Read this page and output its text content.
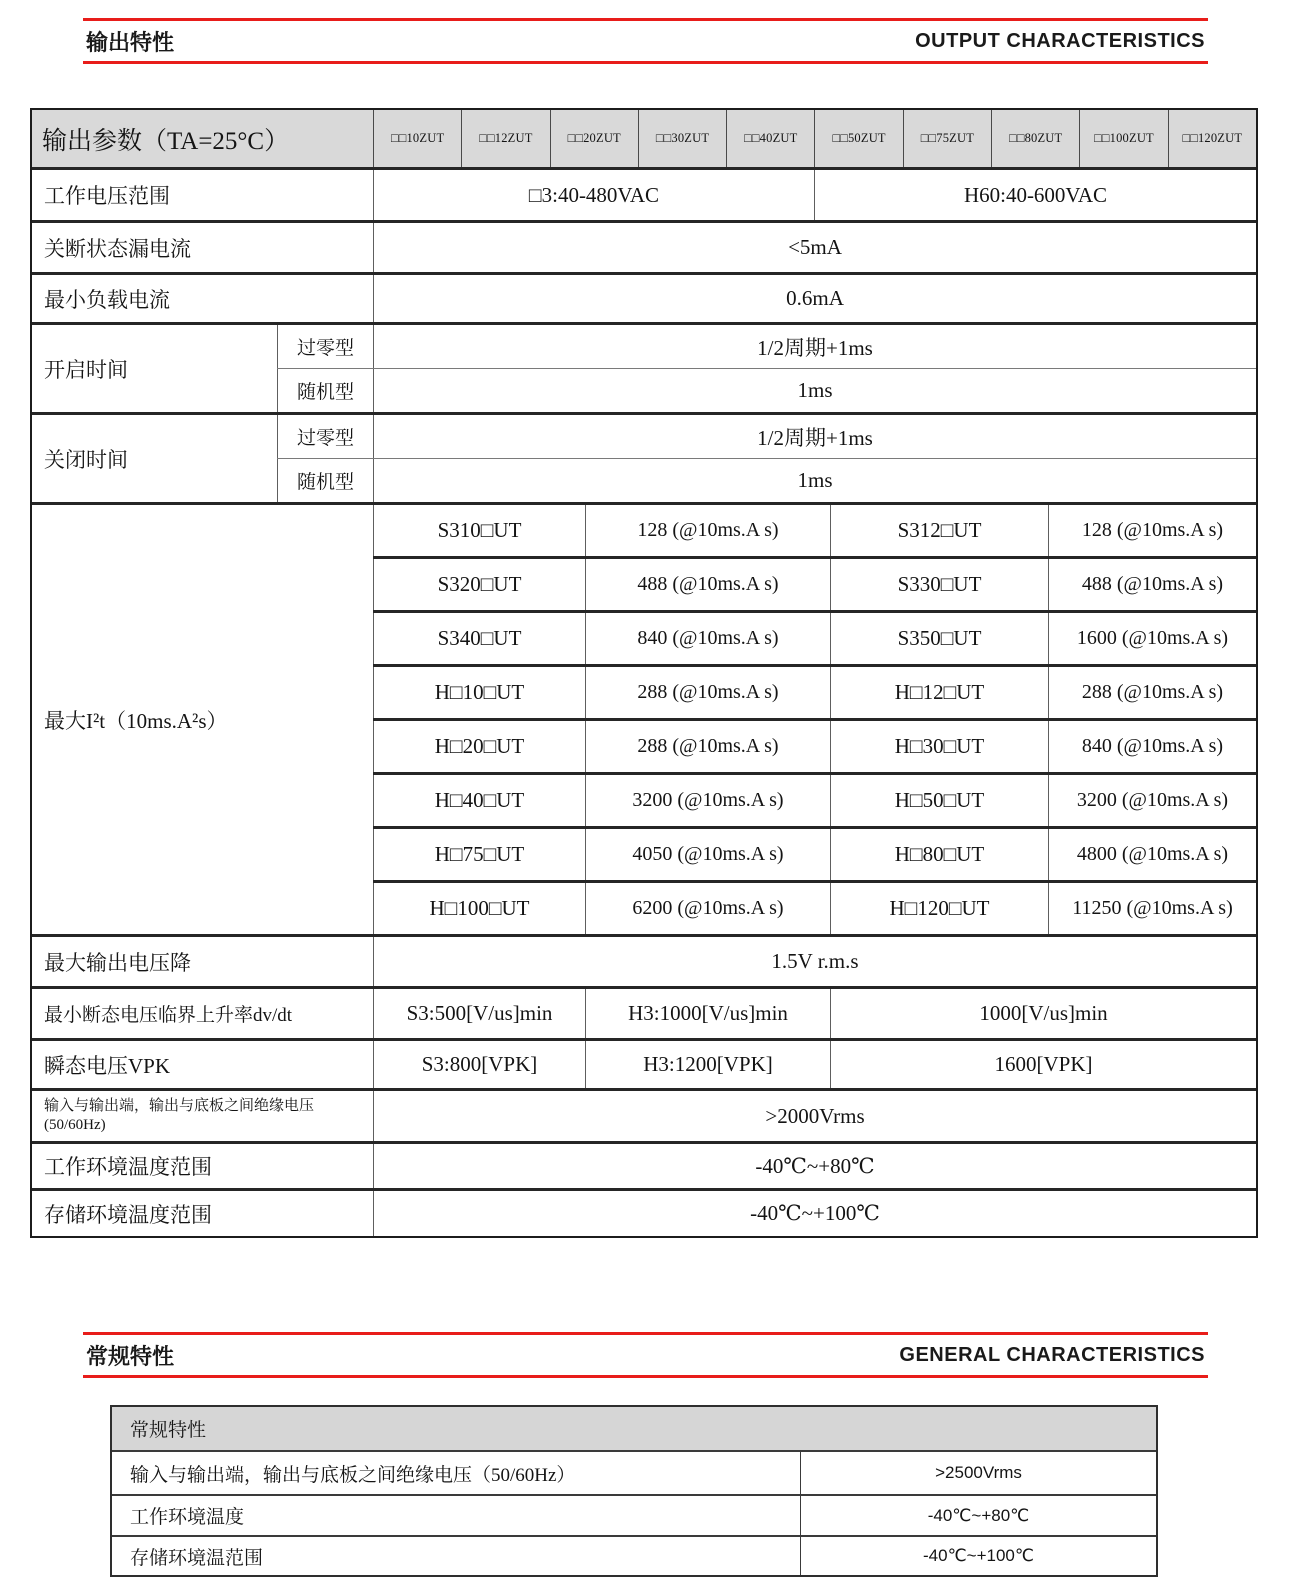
输出特性	OUTPUT CHARACTERISTICS
输出参数（TA=25°C）	□□10ZUT	□□12ZUT	□□20ZUT	□□30ZUT	□□40ZUT	□□50ZUT	□□75ZUT	□□80ZUT	□□100ZUT	□□120ZUT
工作电压范围	□3:40-480VAC	H60:40-600VAC
关断状态漏电流	<5mA
最小负载电流	0.6mA
开启时间
过零型	1/2周期+1ms
随机型	1ms
关闭时间
过零型	1/2周期+1ms
随机型	1ms
最大I²t（10ms.A²s）
S310□UT	128 (@10ms.A s)	S312□UT	128 (@10ms.A s)
S320□UT	488 (@10ms.A s)	S330□UT	488 (@10ms.A s)
S340□UT	840 (@10ms.A s)	S350□UT	1600 (@10ms.A s)
H□10□UT	288 (@10ms.A s)	H□12□UT	288 (@10ms.A s)
H□20□UT	288 (@10ms.A s)	H□30□UT	840 (@10ms.A s)
H□40□UT	3200 (@10ms.A s)	H□50□UT	3200 (@10ms.A s)
H□75□UT	4050 (@10ms.A s)	H□80□UT	4800 (@10ms.A s)
H□100□UT	6200 (@10ms.A s)	H□120□UT	11250 (@10ms.A s)
最大输出电压降	1.5V r.m.s
最小断态电压临界上升率dv/dt	S3:500[V/us]min	H3:1000[V/us]min	1000[V/us]min
瞬态电压VPK	S3:800[VPK]	H3:1200[VPK]	1600[VPK]
输入与输出端，输出与底板之间绝缘电压
(50/60Hz)	>2000Vrms
工作环境温度范围	-40℃~+80℃
存储环境温度范围	-40℃~+100℃
常规特性	GENERAL CHARACTERISTICS
常规特性
输入与输出端，输出与底板之间绝缘电压（50/60Hz）	>2500Vrms
工作环境温度	-40℃~+80℃
存储环境温范围	-40℃~+100℃
